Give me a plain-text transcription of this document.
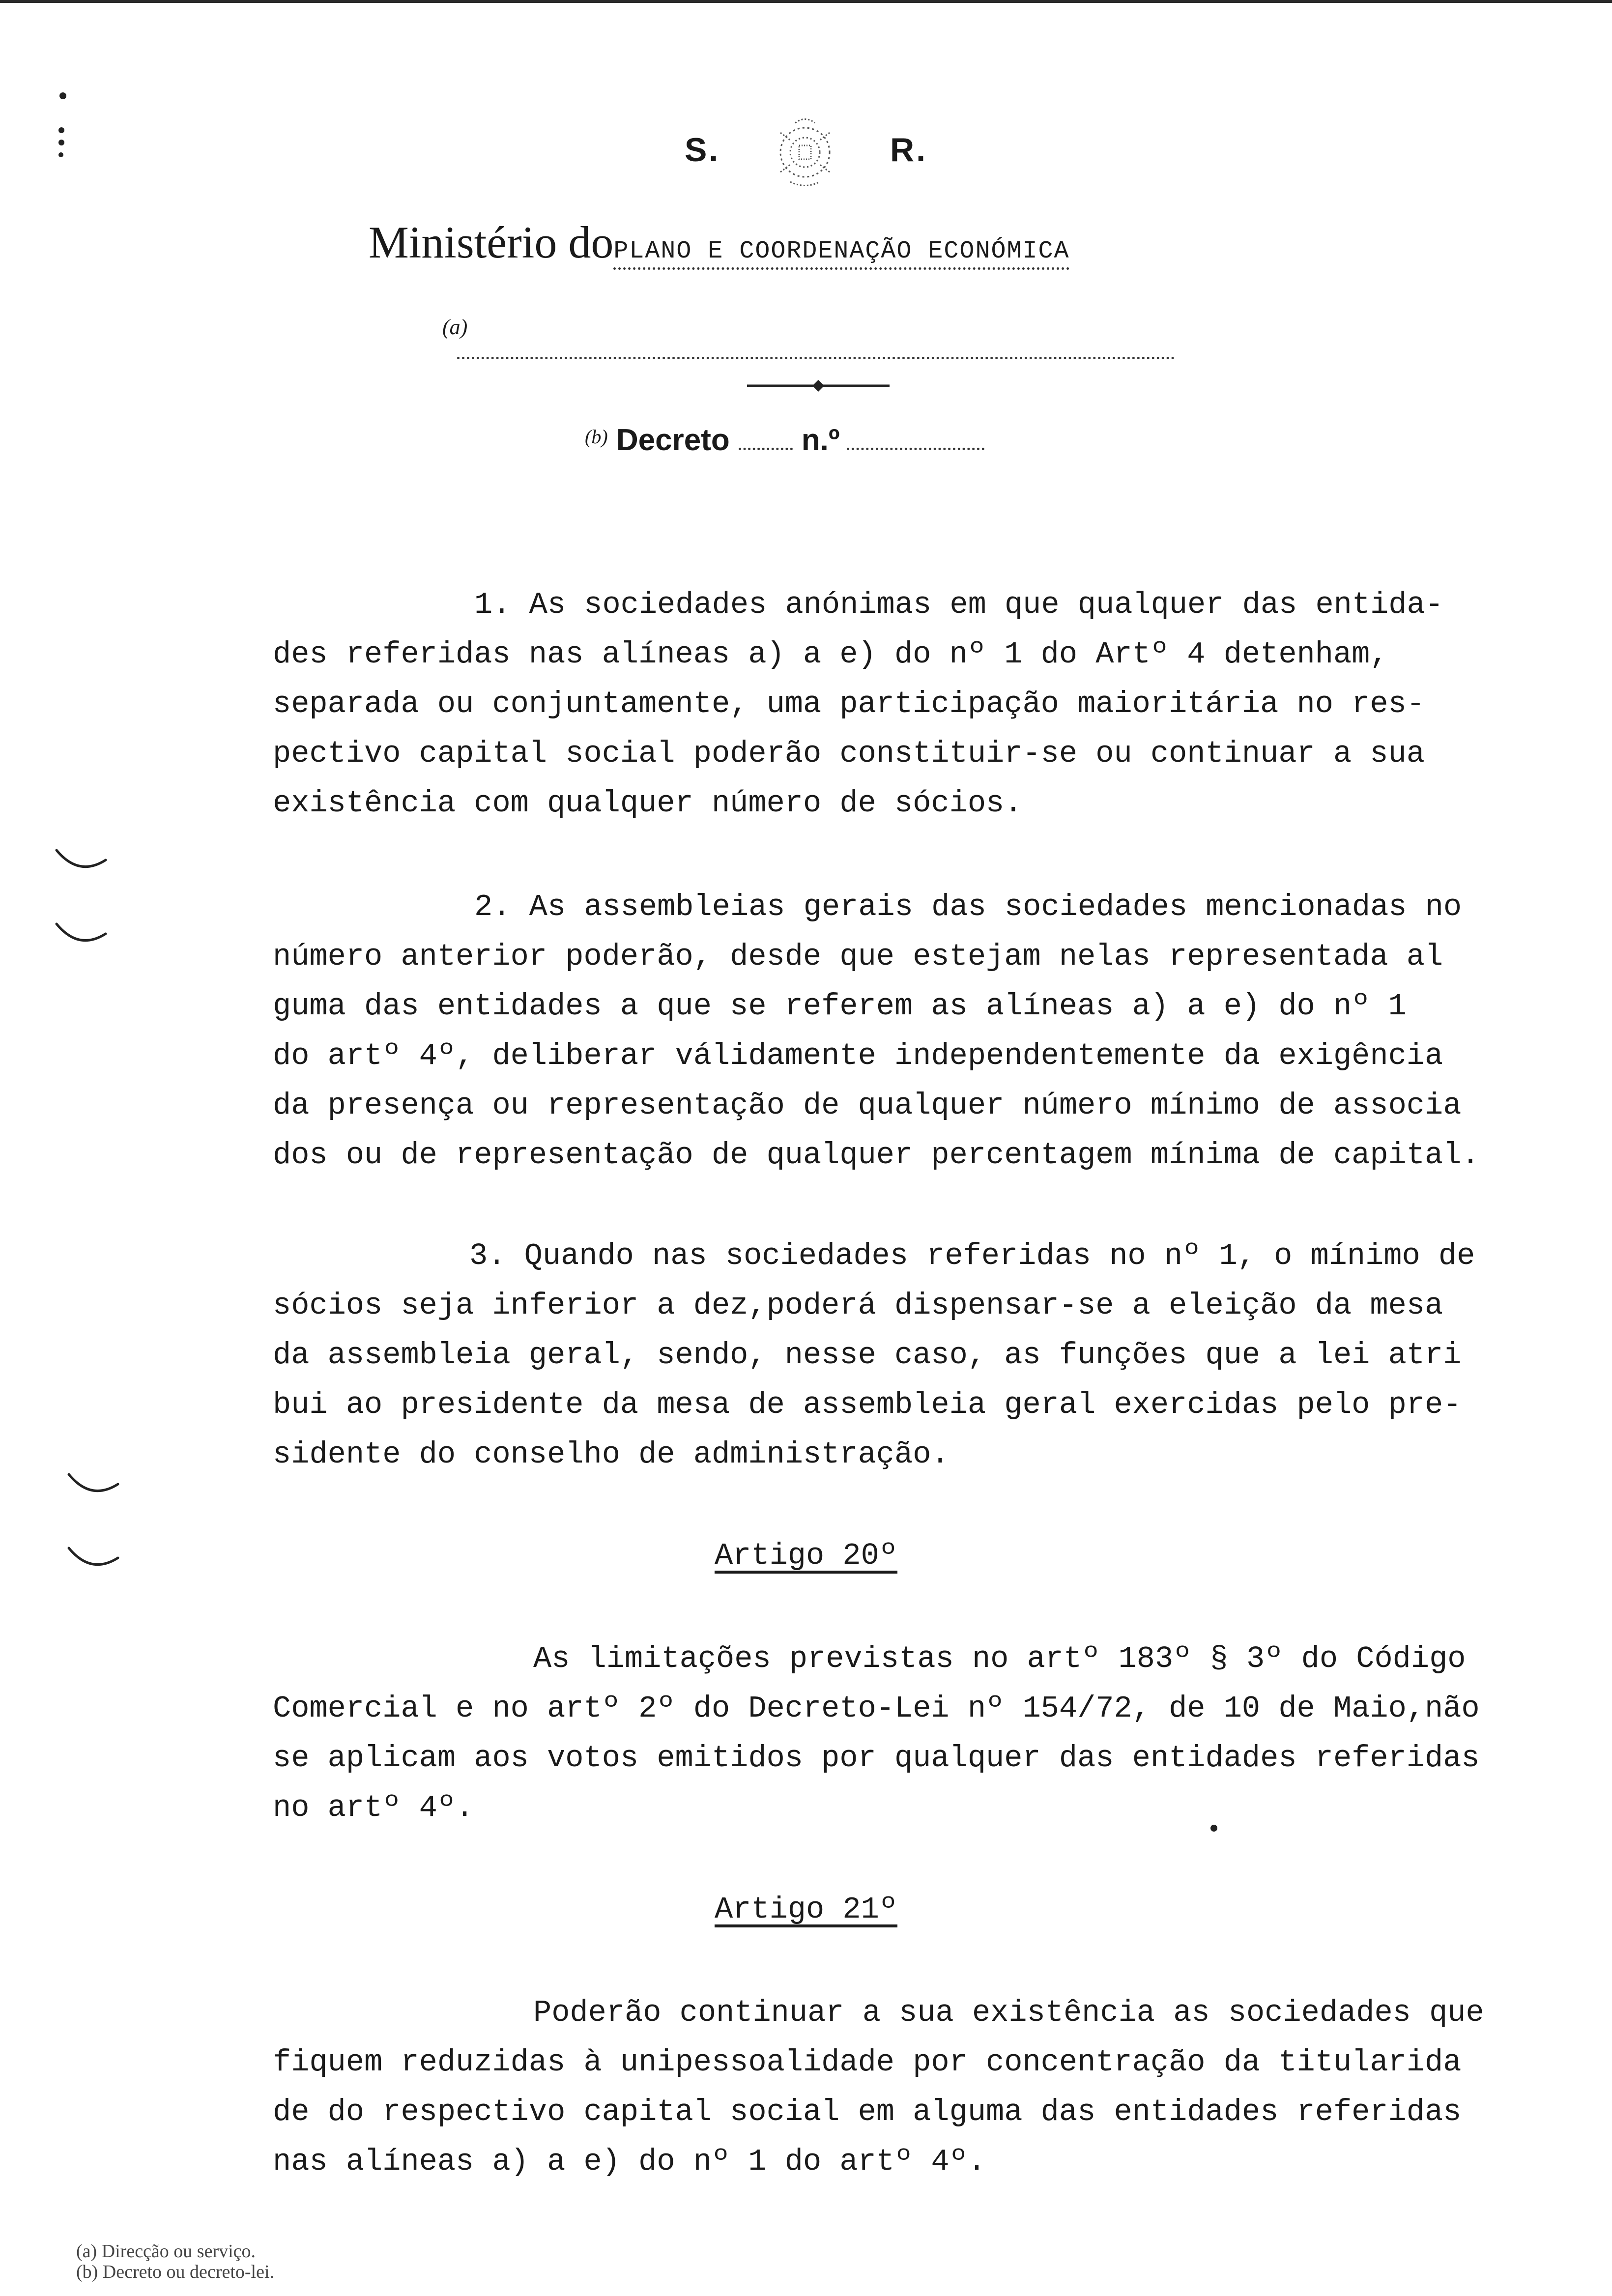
S.	R.
Ministério doPLANO E COORDENAÇÃO ECONÓMICA
(a)
$^{(b)}$ Decreto n.º
1. As sociedades anónimas em que qualquer das entida-
des referidas nas alíneas a) a e) do nº 1 do Artº 4 detenham,
separada ou conjuntamente, uma participação maioritária no res-
pectivo capital social poderão constituir-se ou continuar a sua
existência com qualquer número de sócios.
2. As assembleias gerais das sociedades mencionadas no
número anterior poderão, desde que estejam nelas representada al
guma das entidades a que se referem as alíneas a) a e) do nº 1
do artº 4º, deliberar válidamente independentemente da exigência
da presença ou representação de qualquer número mínimo de associa
dos ou de representação de qualquer percentagem mínima de capital.
3. Quando nas sociedades referidas no nº 1, o mínimo de
sócios seja inferior a dez,poderá dispensar-se a eleição da mesa
da assembleia geral, sendo, nesse caso, as funções que a lei atri
bui ao presidente da mesa de assembleia geral exercidas pelo pre-
sidente do conselho de administração.
Artigo 20º
As limitações previstas no artº 183º § 3º do Código
Comercial e no artº 2º do Decreto-Lei nº 154/72, de 10 de Maio,não
se aplicam aos votos emitidos por qualquer das entidades referidas
no artº 4º.
Artigo 21º
Poderão continuar a sua existência as sociedades que
fiquem reduzidas à unipessoalidade por concentração da titularida
de do respectivo capital social em alguma das entidades referidas
nas alíneas a) a e) do nº 1 do artº 4º.
(a) Direcção ou serviço.
(b) Decreto ou decreto-lei.
